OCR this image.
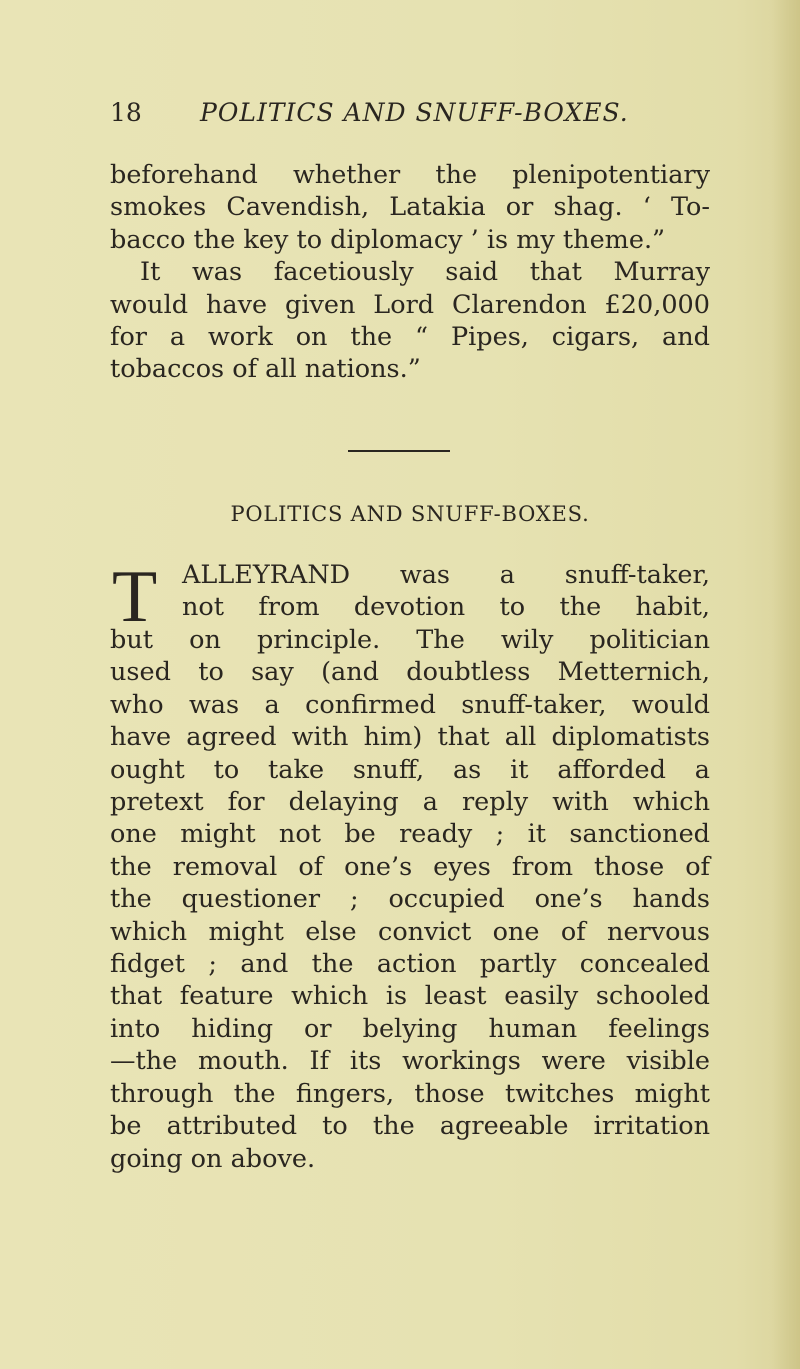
18 POLITICS AND SNUFF-BOXES.
beforehand whether the plenipotentiary
smokes Cavendish, Latakia or shag. ‘ To-
bacco the key to diplomacy ’ is my theme.”
It was facetiously said that Murray
would have given Lord Clarendon £20,000
for a work on the “ Pipes, cigars, and
tobaccos of all nations.”
POLITICS AND SNUFF-BOXES.
T ALLEYRAND was a snuff-taker,
not from devotion to the habit,
but on principle. The wily politician
used to say (and doubtless Metternich,
who was a confirmed snuff-taker, would
have agreed with him) that all diplomatists
ought to take snuff, as it afforded a
pretext for delaying a reply with which
one might not be ready ; it sanctioned
the removal of one’s eyes from those of
the questioner ; occupied one’s hands
which might else convict one of nervous
fidget ; and the action partly concealed
that feature which is least easily schooled
into hiding or belying human feelings
—the mouth. If its workings were visible
through the fingers, those twitches might
be attributed to the agreeable irritation
going on above.
